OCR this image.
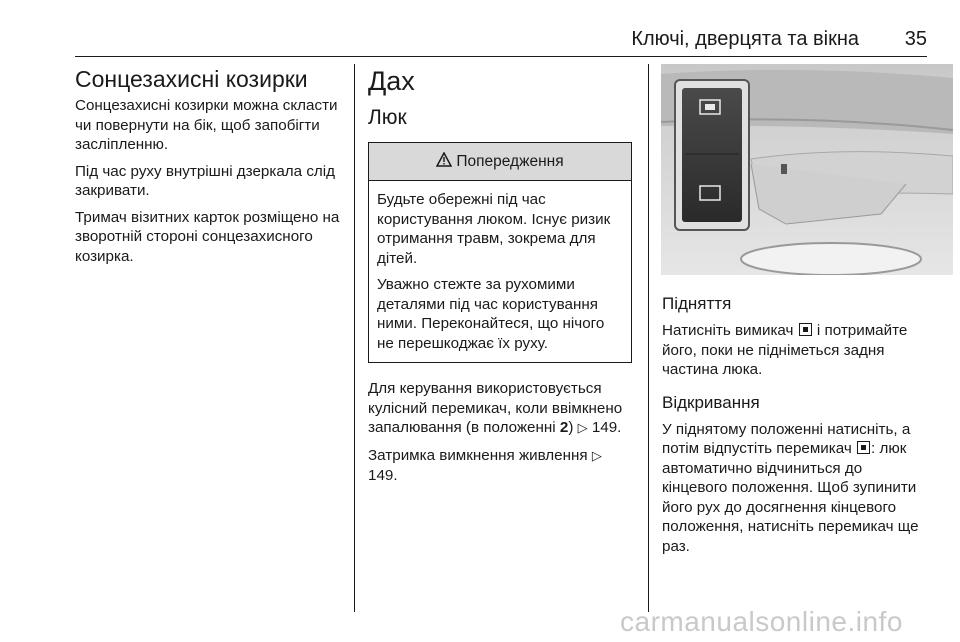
Ключі, дверцята та вікна 35
Сонцезахисні козирки

Сонцезахисні козирки можна скласти чи повернути на бік, щоб запобігти засліпленню.

Під час руху внутрішні дзеркала слід закривати.

Тримач візитних карток розміщено на зворотній стороні сонцезахисного козирка.

Дах
Люк
Попередження

Будьте обережні під час користування люком. Існує ризик отримання травм, зокрема для дітей.

Уважно стежте за рухомими деталями під час користування ними. Переконайтеся, що нічого не перешкоджає їх руху.

Для керування використовується кулісний перемикач, коли ввімкнено запалювання (в положенні 2) ▷ 149.

Затримка вимкнення живлення ▷ 149.

Підняття

Натисніть вимикач  і потримайте його, поки не підніметься задня частина люка.

Відкривання

У піднятому положенні натисніть, а потім відпустіть перемикач : люк автоматично відчиниться до кінцевого положення. Щоб зупинити його рух до досягнення кінцевого положення, натисніть перемикач ще раз.

carmanualsonline.info
